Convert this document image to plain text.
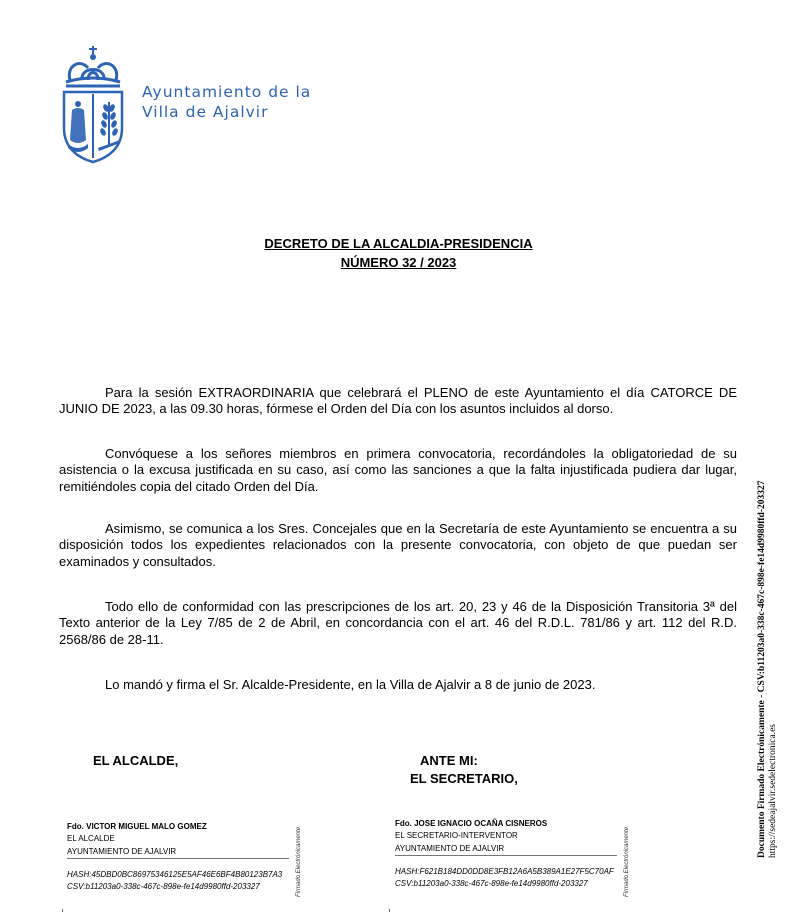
Ayuntamiento de la
Villa de Ajalvir
DECRETO DE LA ALCALDIA-PRESIDENCIA
NÚMERO 32 / 2023
Para la sesión EXTRAORDINARIA que celebrará el PLENO de este Ayuntamiento el día CATORCE DE JUNIO DE 2023, a las 09.30 horas, fórmese el Orden del Día con los asuntos incluidos al dorso.
Convóquese a los señores miembros en primera convocatoria, recordándoles la obligatoriedad de su asistencia o la excusa justificada en su caso, así como las sanciones a que la falta injustificada pudiera dar lugar, remitiéndoles copia del citado Orden del Día.
Asimismo, se comunica a los Sres. Concejales que en la Secretaría de este Ayuntamiento se encuentra a su disposición todos los expedientes relacionados con la presente convocatoria, con objeto de que puedan ser examinados y consultados.
Todo ello de conformidad con las prescripciones de los art. 20, 23 y 46 de la Disposición Transitoria 3ª del Texto anterior de la Ley 7/85 de 2 de Abril, en concordancia con el art. 46 del R.D.L. 781/86 y art. 112 del R.D. 2568/86 de 28-11.
Lo mandó y firma el Sr. Alcalde-Presidente, en la Villa de Ajalvir a 8 de junio de 2023.
EL ALCALDE,	ANTE MI:
EL SECRETARIO,
Fdo. VICTOR MIGUEL MALO GOMEZ
EL ALCALDE
AYUNTAMIENTO DE AJALVIR
HASH:45DBD0BC86975346125E5AF46E6BF4B80123B7A3
CSV:b11203a0-338c-467c-898e-fe14d9980ffd-203327	Firmado Electrónicamente
Fdo. JOSE IGNACIO OCAÑA CISNEROS
EL SECRETARIO-INTERVENTOR
AYUNTAMIENTO DE AJALVIR
HASH:F621B184DD0DD8E3FB12A6A5B389A1E27F5C70AF
CSV:b11203a0-338c-467c-898e-fe14d9980ffd-203327	Firmado Electrónicamente
Documento Firmado Electrónicamente - CSV:b11203a0-338c-467c-898e-fe14d9980ffd-203327
https://sedeajalvir.sedelectronica.es
